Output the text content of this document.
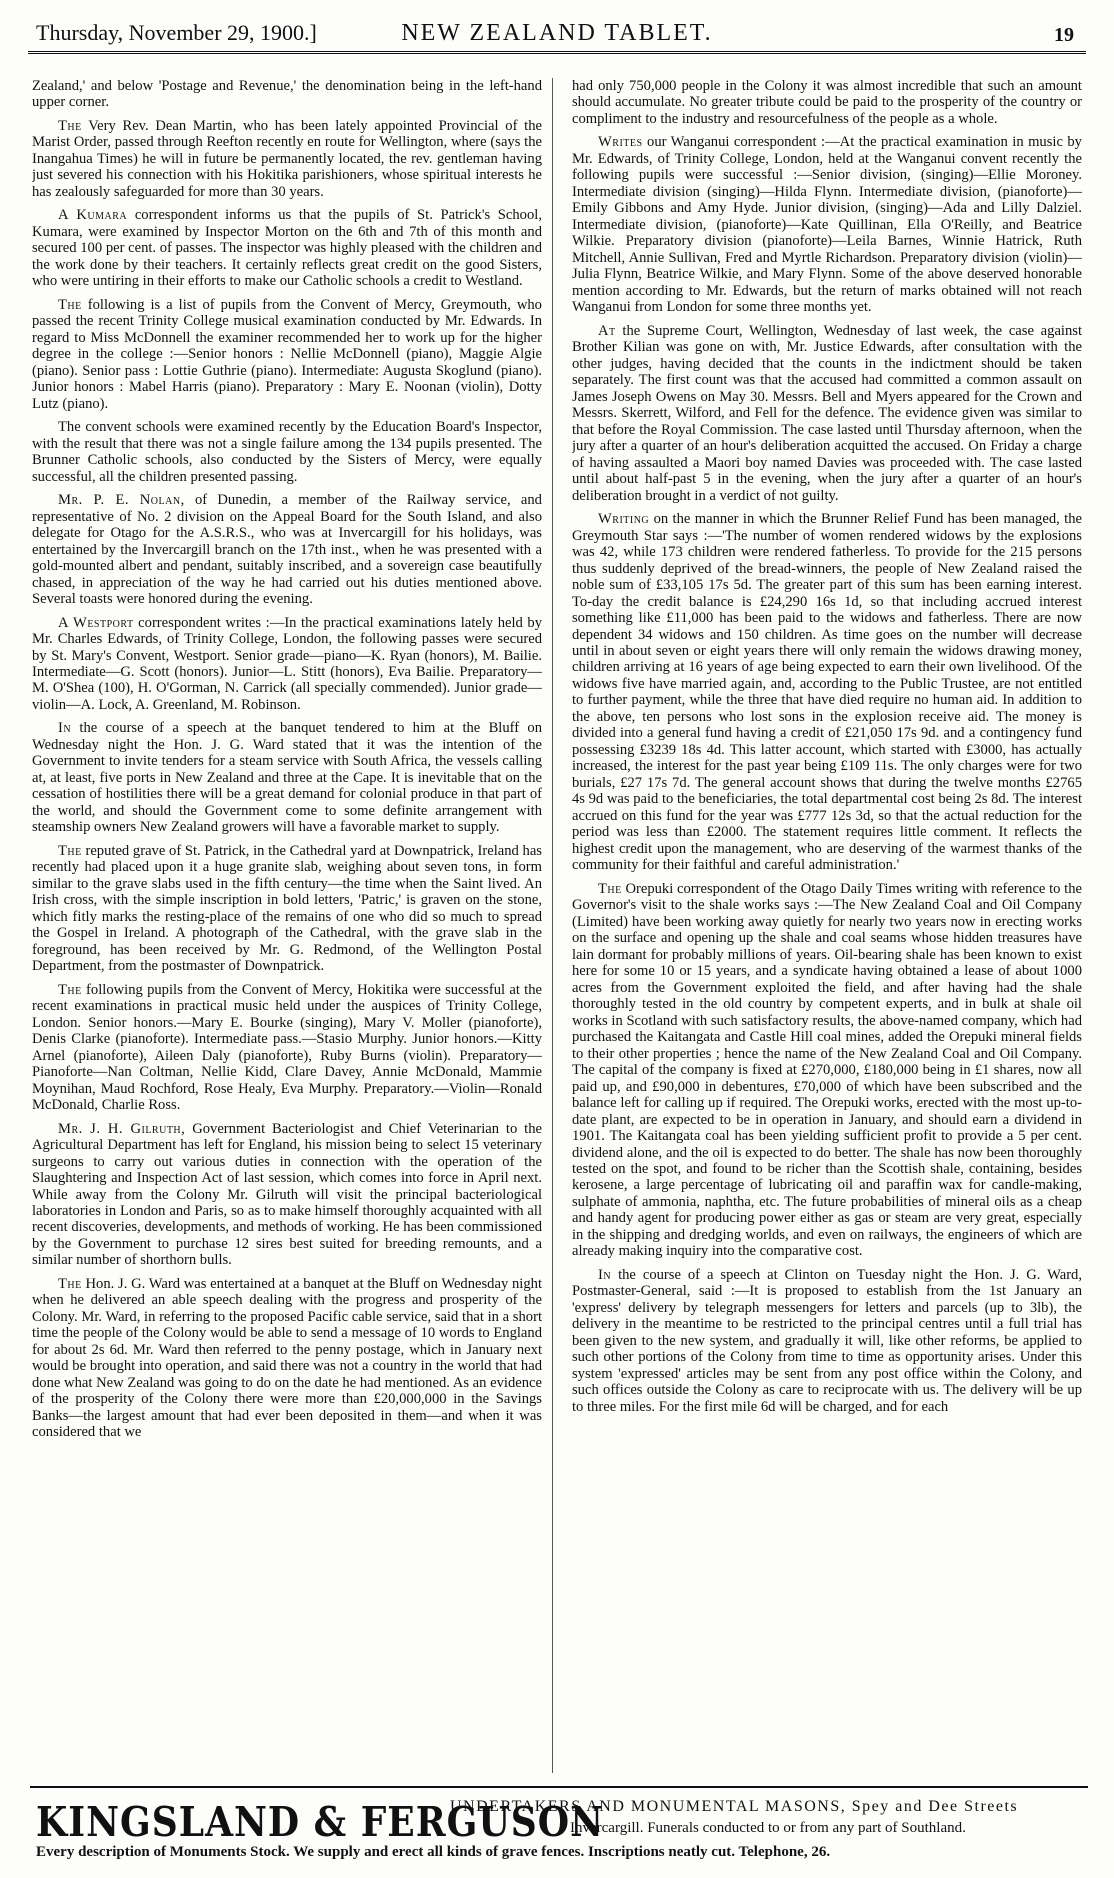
Thursday, November 29, 1900.]	NEW ZEALAND TABLET.	19
Zealand,' and below 'Postage and Revenue,' the denomination being in the left-hand upper corner.
The Very Rev. Dean Martin, who has been lately appointed Provincial of the Marist Order, passed through Reefton recently en route for Wellington, where (says the Inangahua Times) he will in future be permanently located, the rev. gentleman having just severed his connection with his Hokitika parishioners, whose spiritual interests he has zealously safeguarded for more than 30 years.
A Kumara correspondent informs us that the pupils of St. Patrick's School, Kumara, were examined by Inspector Morton on the 6th and 7th of this month and secured 100 per cent. of passes. The inspector was highly pleased with the children and the work done by their teachers. It certainly reflects great credit on the good Sisters, who were untiring in their efforts to make our Catholic schools a credit to Westland.
The following is a list of pupils from the Convent of Mercy, Greymouth, who passed the recent Trinity College musical examination conducted by Mr. Edwards. In regard to Miss McDonnell the examiner recommended her to work up for the higher degree in the college :—Senior honors : Nellie McDonnell (piano), Maggie Algie (piano). Senior pass : Lottie Guthrie (piano). Intermediate: Augusta Skoglund (piano). Junior honors : Mabel Harris (piano). Preparatory : Mary E. Noonan (violin), Dotty Lutz (piano).
The convent schools were examined recently by the Education Board's Inspector, with the result that there was not a single failure among the 134 pupils presented. The Brunner Catholic schools, also conducted by the Sisters of Mercy, were equally successful, all the children presented passing.
Mr. P. E. Nolan, of Dunedin, a member of the Railway service, and representative of No. 2 division on the Appeal Board for the South Island, and also delegate for Otago for the A.S.R.S., who was at Invercargill for his holidays, was entertained by the Invercargill branch on the 17th inst., when he was presented with a gold-mounted albert and pendant, suitably inscribed, and a sovereign case beautifully chased, in appreciation of the way he had carried out his duties mentioned above. Several toasts were honored during the evening.
A Westport correspondent writes :—In the practical examinations lately held by Mr. Charles Edwards, of Trinity College, London, the following passes were secured by St. Mary's Convent, Westport. Senior grade—piano—K. Ryan (honors), M. Bailie. Intermediate—G. Scott (honors). Junior—L. Stitt (honors), Eva Bailie. Preparatory—M. O'Shea (100), H. O'Gorman, N. Carrick (all specially commended). Junior grade—violin—A. Lock, A. Greenland, M. Robinson.
In the course of a speech at the banquet tendered to him at the Bluff on Wednesday night the Hon. J. G. Ward stated that it was the intention of the Government to invite tenders for a steam service with South Africa, the vessels calling at, at least, five ports in New Zealand and three at the Cape. It is inevitable that on the cessation of hostilities there will be a great demand for colonial produce in that part of the world, and should the Government come to some definite arrangement with steamship owners New Zealand growers will have a favorable market to supply.
The reputed grave of St. Patrick, in the Cathedral yard at Downpatrick, Ireland has recently had placed upon it a huge granite slab, weighing about seven tons, in form similar to the grave slabs used in the fifth century—the time when the Saint lived. An Irish cross, with the simple inscription in bold letters, 'Patric,' is graven on the stone, which fitly marks the resting-place of the remains of one who did so much to spread the Gospel in Ireland. A photograph of the Cathedral, with the grave slab in the foreground, has been received by Mr. G. Redmond, of the Wellington Postal Department, from the postmaster of Downpatrick.
The following pupils from the Convent of Mercy, Hokitika were successful at the recent examinations in practical music held under the auspices of Trinity College, London. Senior honors.—Mary E. Bourke (singing), Mary V. Moller (pianoforte), Denis Clarke (pianoforte). Intermediate pass.—Stasio Murphy. Junior honors.—Kitty Arnel (pianoforte), Aileen Daly (pianoforte), Ruby Burns (violin). Preparatory—Pianoforte—Nan Coltman, Nellie Kidd, Clare Davey, Annie McDonald, Mammie Moynihan, Maud Rochford, Rose Healy, Eva Murphy. Preparatory.—Violin—Ronald McDonald, Charlie Ross.
Mr. J. H. Gilruth, Government Bacteriologist and Chief Veterinarian to the Agricultural Department has left for England, his mission being to select 15 veterinary surgeons to carry out various duties in connection with the operation of the Slaughtering and Inspection Act of last session, which comes into force in April next. While away from the Colony Mr. Gilruth will visit the principal bacteriological laboratories in London and Paris, so as to make himself thoroughly acquainted with all recent discoveries, developments, and methods of working. He has been commissioned by the Government to purchase 12 sires best suited for breeding remounts, and a similar number of shorthorn bulls.
The Hon. J. G. Ward was entertained at a banquet at the Bluff on Wednesday night when he delivered an able speech dealing with the progress and prosperity of the Colony. Mr. Ward, in referring to the proposed Pacific cable service, said that in a short time the people of the Colony would be able to send a message of 10 words to England for about 2s 6d. Mr. Ward then referred to the penny postage, which in January next would be brought into operation, and said there was not a country in the world that had done what New Zealand was going to do on the date he had mentioned. As an evidence of the prosperity of the Colony there were more than £20,000,000 in the Savings Banks—the largest amount that had ever been deposited in them—and when it was considered that we
had only 750,000 people in the Colony it was almost incredible that such an amount should accumulate. No greater tribute could be paid to the prosperity of the country or compliment to the industry and resourcefulness of the people as a whole.
Writes our Wanganui correspondent :—At the practical examination in music by Mr. Edwards, of Trinity College, London, held at the Wanganui convent recently the following pupils were successful :—Senior division, (singing)—Ellie Moroney. Intermediate division (singing)—Hilda Flynn. Intermediate division, (pianoforte)—Emily Gibbons and Amy Hyde. Junior division, (singing)—Ada and Lilly Dalziel. Intermediate division, (pianoforte)—Kate Quillinan, Ella O'Reilly, and Beatrice Wilkie. Preparatory division (pianoforte)—Leila Barnes, Winnie Hatrick, Ruth Mitchell, Annie Sullivan, Fred and Myrtle Richardson. Preparatory division (violin)—Julia Flynn, Beatrice Wilkie, and Mary Flynn. Some of the above deserved honorable mention according to Mr. Edwards, but the return of marks obtained will not reach Wanganui from London for some three months yet.
At the Supreme Court, Wellington, Wednesday of last week, the case against Brother Kilian was gone on with, Mr. Justice Edwards, after consultation with the other judges, having decided that the counts in the indictment should be taken separately. The first count was that the accused had committed a common assault on James Joseph Owens on May 30. Messrs. Bell and Myers appeared for the Crown and Messrs. Skerrett, Wilford, and Fell for the defence. The evidence given was similar to that before the Royal Commission. The case lasted until Thursday afternoon, when the jury after a quarter of an hour's deliberation acquitted the accused. On Friday a charge of having assaulted a Maori boy named Davies was proceeded with. The case lasted until about half-past 5 in the evening, when the jury after a quarter of an hour's deliberation brought in a verdict of not guilty.
Writing on the manner in which the Brunner Relief Fund has been managed, the Greymouth Star says :—'The number of women rendered widows by the explosions was 42, while 173 children were rendered fatherless. To provide for the 215 persons thus suddenly deprived of the bread-winners, the people of New Zealand raised the noble sum of £33,105 17s 5d. The greater part of this sum has been earning interest. To-day the credit balance is £24,290 16s 1d, so that including accrued interest something like £11,000 has been paid to the widows and fatherless. There are now dependent 34 widows and 150 children. As time goes on the number will decrease until in about seven or eight years there will only remain the widows drawing money, children arriving at 16 years of age being expected to earn their own livelihood. Of the widows five have married again, and, according to the Public Trustee, are not entitled to further payment, while the three that have died require no human aid. In addition to the above, ten persons who lost sons in the explosion receive aid. The money is divided into a general fund having a credit of £21,050 17s 9d. and a contingency fund possessing £3239 18s 4d. This latter account, which started with £3000, has actually increased, the interest for the past year being £109 11s. The only charges were for two burials, £27 17s 7d. The general account shows that during the twelve months £2765 4s 9d was paid to the beneficiaries, the total departmental cost being 2s 8d. The interest accrued on this fund for the year was £777 12s 3d, so that the actual reduction for the period was less than £2000. The statement requires little comment. It reflects the highest credit upon the management, who are deserving of the warmest thanks of the community for their faithful and careful administration.'
The Orepuki correspondent of the Otago Daily Times writing with reference to the Governor's visit to the shale works says :—The New Zealand Coal and Oil Company (Limited) have been working away quietly for nearly two years now in erecting works on the surface and opening up the shale and coal seams whose hidden treasures have lain dormant for probably millions of years. Oil-bearing shale has been known to exist here for some 10 or 15 years, and a syndicate having obtained a lease of about 1000 acres from the Government exploited the field, and after having had the shale thoroughly tested in the old country by competent experts, and in bulk at shale oil works in Scotland with such satisfactory results, the above-named company, which had purchased the Kaitangata and Castle Hill coal mines, added the Orepuki mineral fields to their other properties ; hence the name of the New Zealand Coal and Oil Company. The capital of the company is fixed at £270,000, £180,000 being in £1 shares, now all paid up, and £90,000 in debentures, £70,000 of which have been subscribed and the balance left for calling up if required. The Orepuki works, erected with the most up-to-date plant, are expected to be in operation in January, and should earn a dividend in 1901. The Kaitangata coal has been yielding sufficient profit to provide a 5 per cent. dividend alone, and the oil is expected to do better. The shale has now been thoroughly tested on the spot, and found to be richer than the Scottish shale, containing, besides kerosene, a large percentage of lubricating oil and paraffin wax for candle-making, sulphate of ammonia, naphtha, etc. The future probabilities of mineral oils as a cheap and handy agent for producing power either as gas or steam are very great, especially in the shipping and dredging worlds, and even on railways, the engineers of which are already making inquiry into the comparative cost.
In the course of a speech at Clinton on Tuesday night the Hon. J. G. Ward, Postmaster-General, said :—It is proposed to establish from the 1st January an 'express' delivery by telegraph messengers for letters and parcels (up to 3lb), the delivery in the meantime to be restricted to the principal centres until a full trial has been given to the new system, and gradually it will, like other reforms, be applied to such other portions of the Colony from time to time as opportunity arises. Under this system 'expressed' articles may be sent from any post office within the Colony, and such offices outside the Colony as care to reciprocate with us. The delivery will be up to three miles. For the first mile 6d will be charged, and for each
KINGSLAND & FERGUSON
UNDERTAKERS AND MONUMENTAL MASONS, Spey and Dee Streets
Invercargill. Funerals conducted to or from any part of Southland.
Every description of Monuments Stock. We supply and erect all kinds of grave fences. Inscriptions neatly cut. Telephone, 26.
